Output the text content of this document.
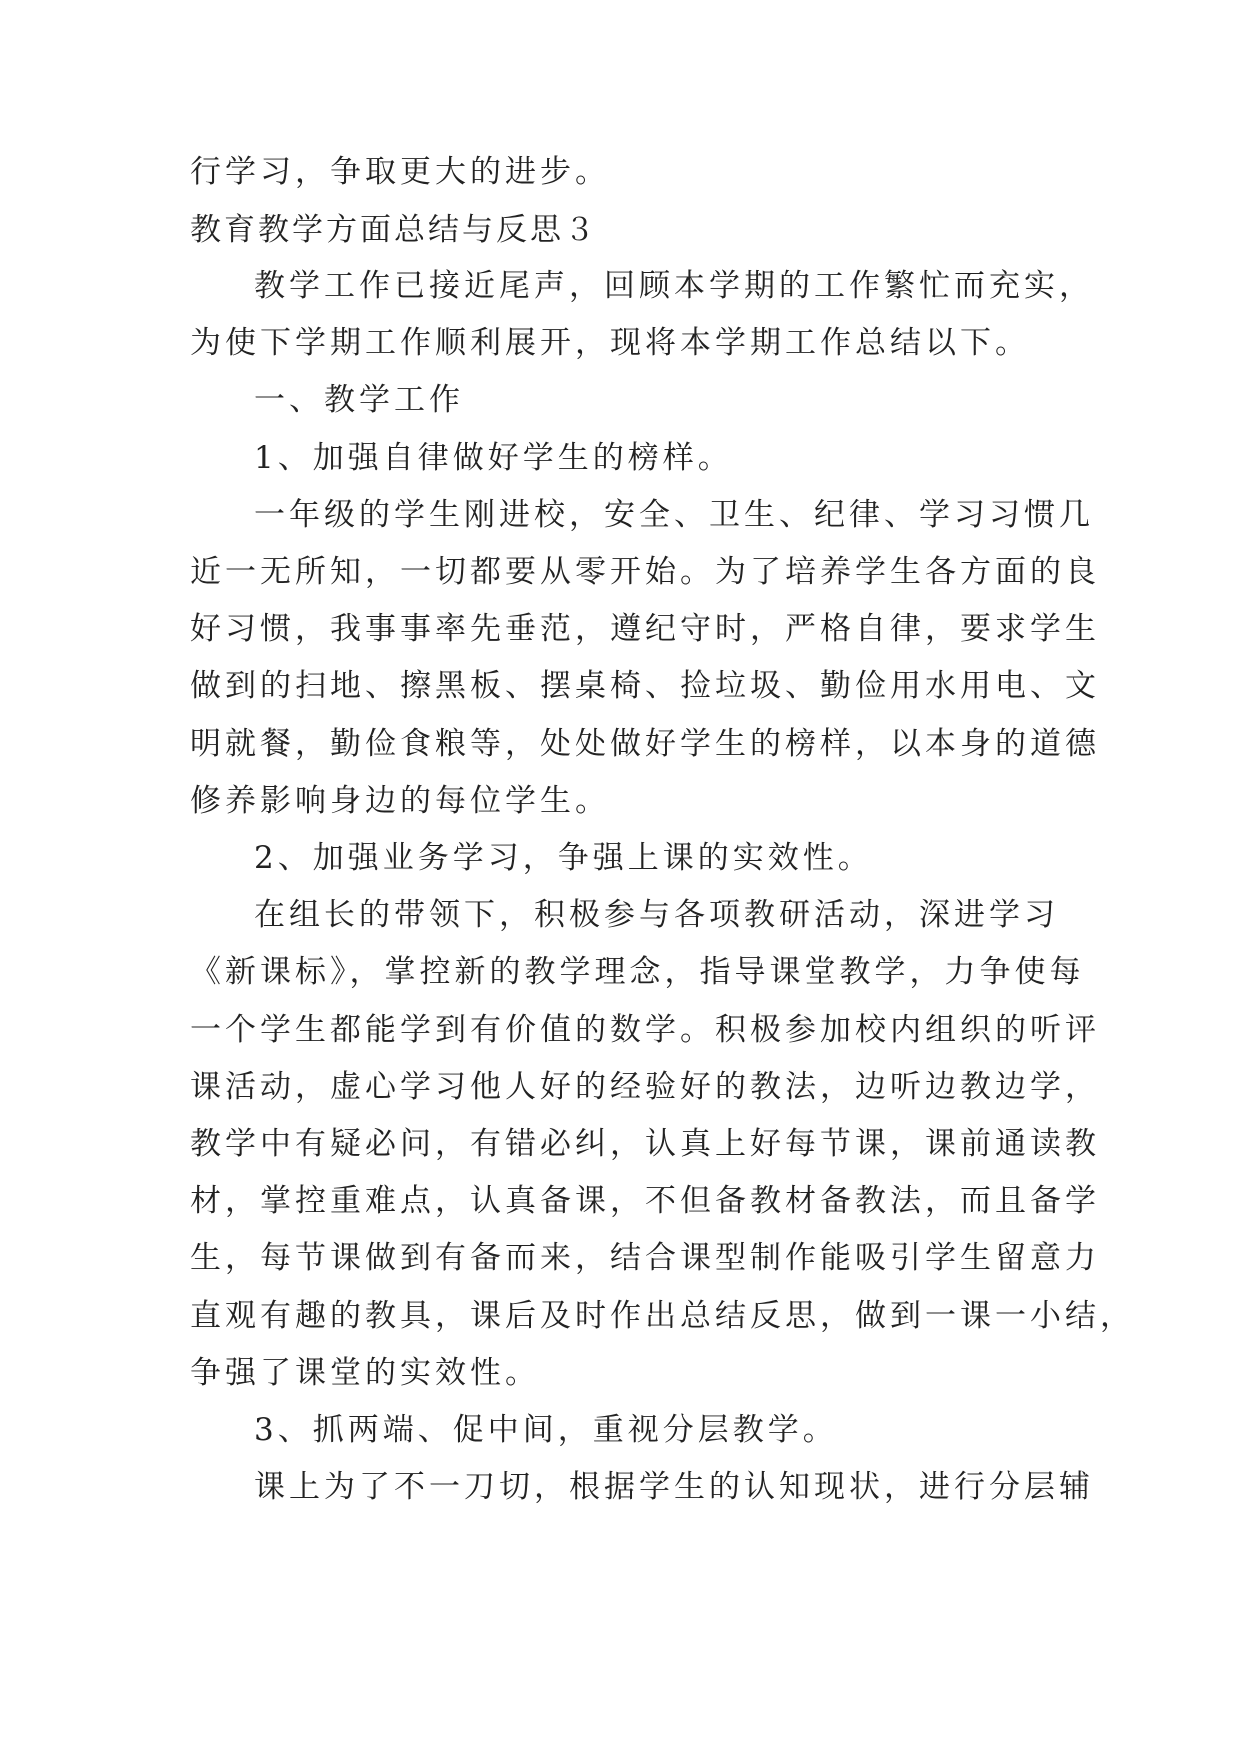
行学习，争取更大的进步。
教育教学方面总结与反思３
教学工作已接近尾声，回顾本学期的工作繁忙而充实，
为使下学期工作顺利展开，现将本学期工作总结以下。
一、教学工作
1、加强自律做好学生的榜样。
一年级的学生刚进校，安全、卫生、纪律、学习习惯几
近一无所知，一切都要从零开始。为了培养学生各方面的良
好习惯，我事事率先垂范，遵纪守时，严格自律，要求学生
做到的扫地、擦黑板、摆桌椅、捡垃圾、勤俭用水用电、文
明就餐，勤俭食粮等，处处做好学生的榜样，以本身的道德
修养影响身边的每位学生。
2、加强业务学习，争强上课的实效性。
在组长的带领下，积极参与各项教研活动，深进学习
《新课标》，掌控新的教学理念，指导课堂教学，力争使每
一个学生都能学到有价值的数学。积极参加校内组织的听评
课活动，虚心学习他人好的经验好的教法，边听边教边学，
教学中有疑必问，有错必纠，认真上好每节课，课前通读教
材，掌控重难点，认真备课，不但备教材备教法，而且备学
生，每节课做到有备而来，结合课型制作能吸引学生留意力
直观有趣的教具，课后及时作出总结反思，做到一课一小结，
争强了课堂的实效性。
3、抓两端、促中间，重视分层教学。
课上为了不一刀切，根据学生的认知现状，进行分层辅
